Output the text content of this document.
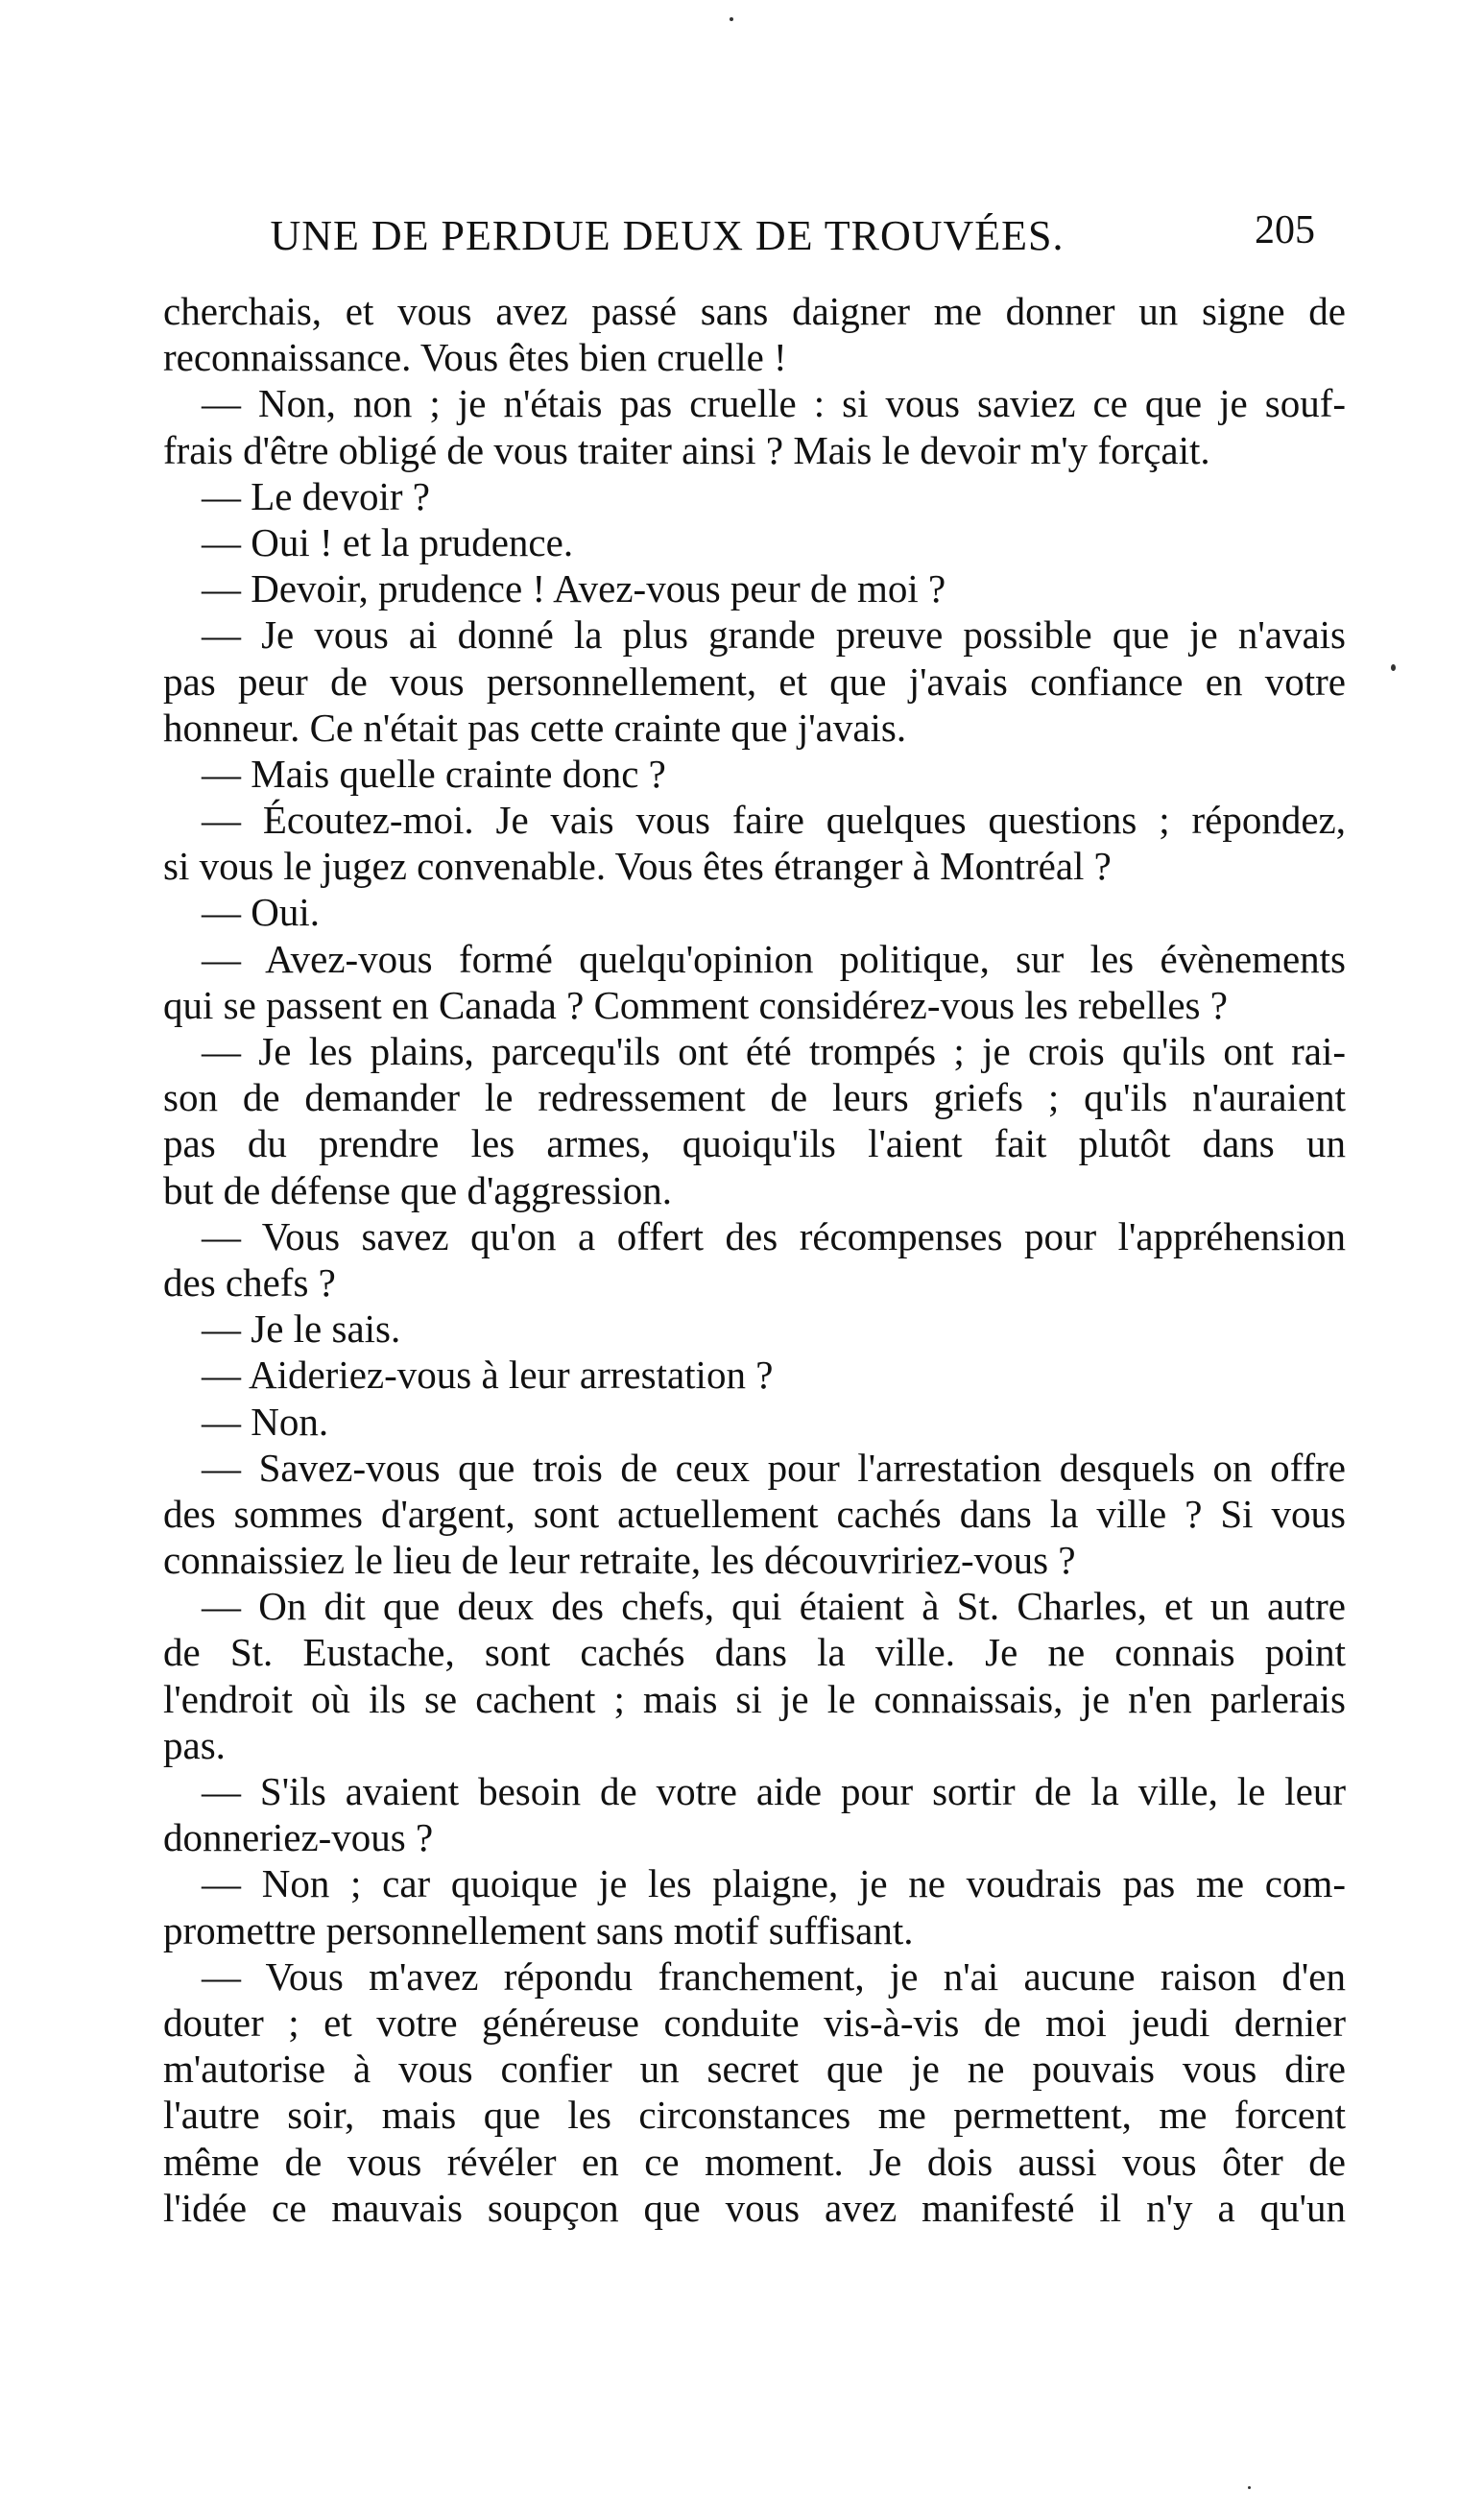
UNE DE PERDUE DEUX DE TROUVÉES.	205
cherchais, et vous avez passé sans daigner me donner un signe de
reconnaissance. Vous êtes bien cruelle !
— Non, non ; je n'étais pas cruelle : si vous saviez ce que je souf-
frais d'être obligé de vous traiter ainsi ? Mais le devoir m'y forçait.
— Le devoir ?
— Oui ! et la prudence.
— Devoir, prudence ! Avez-vous peur de moi ?
— Je vous ai donné la plus grande preuve possible que je n'avais
pas peur de vous personnellement, et que j'avais confiance en votre
honneur. Ce n'était pas cette crainte que j'avais.
— Mais quelle crainte donc ?
— Écoutez-moi. Je vais vous faire quelques questions ; répondez,
si vous le jugez convenable. Vous êtes étranger à Montréal ?
— Oui.
— Avez-vous formé quelqu'opinion politique, sur les évènements
qui se passent en Canada ? Comment considérez-vous les rebelles ?
— Je les plains, parcequ'ils ont été trompés ; je crois qu'ils ont rai-
son de demander le redressement de leurs griefs ; qu'ils n'auraient
pas du prendre les armes, quoiqu'ils l'aient fait plutôt dans un
but de défense que d'aggression.
— Vous savez qu'on a offert des récompenses pour l'appréhension
des chefs ?
— Je le sais.
— Aideriez-vous à leur arrestation ?
— Non.
— Savez-vous que trois de ceux pour l'arrestation desquels on offre
des sommes d'argent, sont actuellement cachés dans la ville ? Si vous
connaissiez le lieu de leur retraite, les découvririez-vous ?
— On dit que deux des chefs, qui étaient à St. Charles, et un autre
de St. Eustache, sont cachés dans la ville. Je ne connais point
l'endroit où ils se cachent ; mais si je le connaissais, je n'en parlerais
pas.
— S'ils avaient besoin de votre aide pour sortir de la ville, le leur
donneriez-vous ?
— Non ; car quoique je les plaigne, je ne voudrais pas me com-
promettre personnellement sans motif suffisant.
— Vous m'avez répondu franchement, je n'ai aucune raison d'en
douter ; et votre généreuse conduite vis-à-vis de moi jeudi dernier
m'autorise à vous confier un secret que je ne pouvais vous dire
l'autre soir, mais que les circonstances me permettent, me forcent
même de vous révéler en ce moment. Je dois aussi vous ôter de
l'idée ce mauvais soupçon que vous avez manifesté il n'y a qu'un
